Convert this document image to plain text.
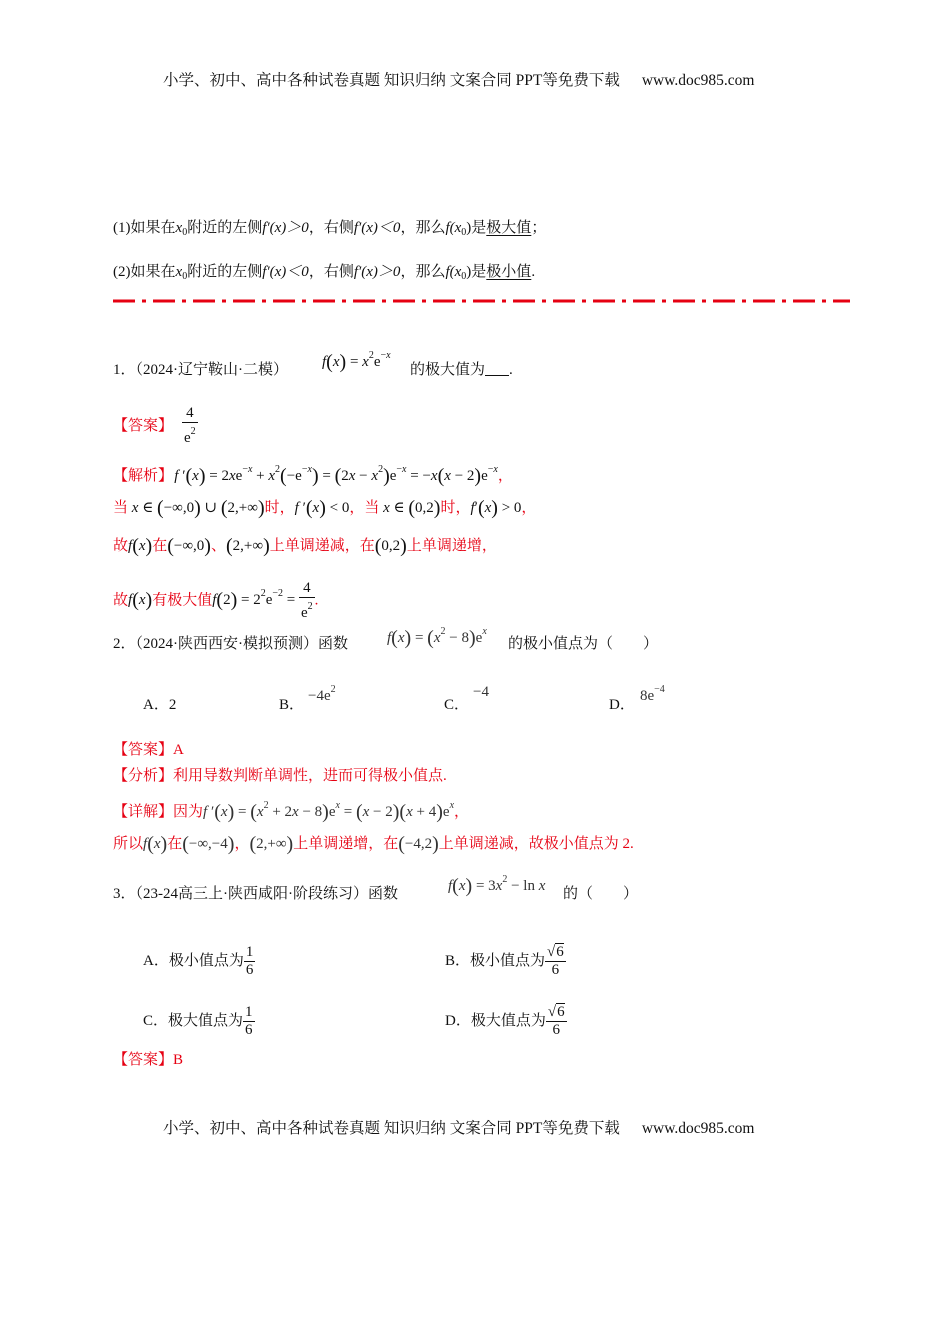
小学、初中、高中各种试卷真题 知识归纳 文案合同 PPT等免费下载 www.doc985.com
(1)如果在$x_0$附近的左侧f′(x)＞0，右侧f′(x)＜0，那么$f(x_0)$是极大值；
(2)如果在$x_0$附近的左侧f′(x)＜0，右侧f′(x)＞0，那么$f(x_0)$是极小值.
1．（2024·辽宁鞍山·二模） $f(x) = x^2e^{-x}$
的极大值为 .
【答案】 $\frac{4}{e^2}$
【解析】 f $'(x) = 2xe^{-x} + x^2(-e^{-x}) = (2x - x^2)e^{-x} = -x(x - 2)e^{-x}$，
当 x ∈ (−∞,0) ∪ (2,+∞)时，f ′(x) < 0，当 x ∈ (0,2)时，f′(x) > 0，
故f(x)在(−∞,0)、(2,+∞)上单调递减，在(0,2)上单调递增，
故f(x)有极大值$f(2) = 2^2e^{-2} = \frac{4}{e^2}$ .
2．（2024·陕西西安·模拟预测）函数	$f(x) = (x^2 - 8)e^x$
的极小值点为（　　）
A．2	B．
$-4e^2$
C．
−4
D．
$8e^{-4}$
【答案】A
【分析】利用导数判断单调性，进而可得极小值点.
【详解】因为f $'(x) = (x^2 + 2x - 8)e^x = (x - 2)(x + 4)e^x$，
所以f(x)在(−∞,−4)，(2,+∞)上单调递增，在(−4,2)上单调递减，故极小值点为 2.
3．（23-24高三上·陕西咸阳·阶段练习）函数	$f(x) = 3x^2 - \ln x$ 的（　　）
A．极小值点为 $\frac{1}{6}$	B．极小值点为 $\frac{√6}{6}$
C．极大值点为 $\frac{1}{6}$	D．极大值点为 $\frac{√6}{6}$
【答案】B
小学、初中、高中各种试卷真题 知识归纳 文案合同 PPT等免费下载 www.doc985.com
